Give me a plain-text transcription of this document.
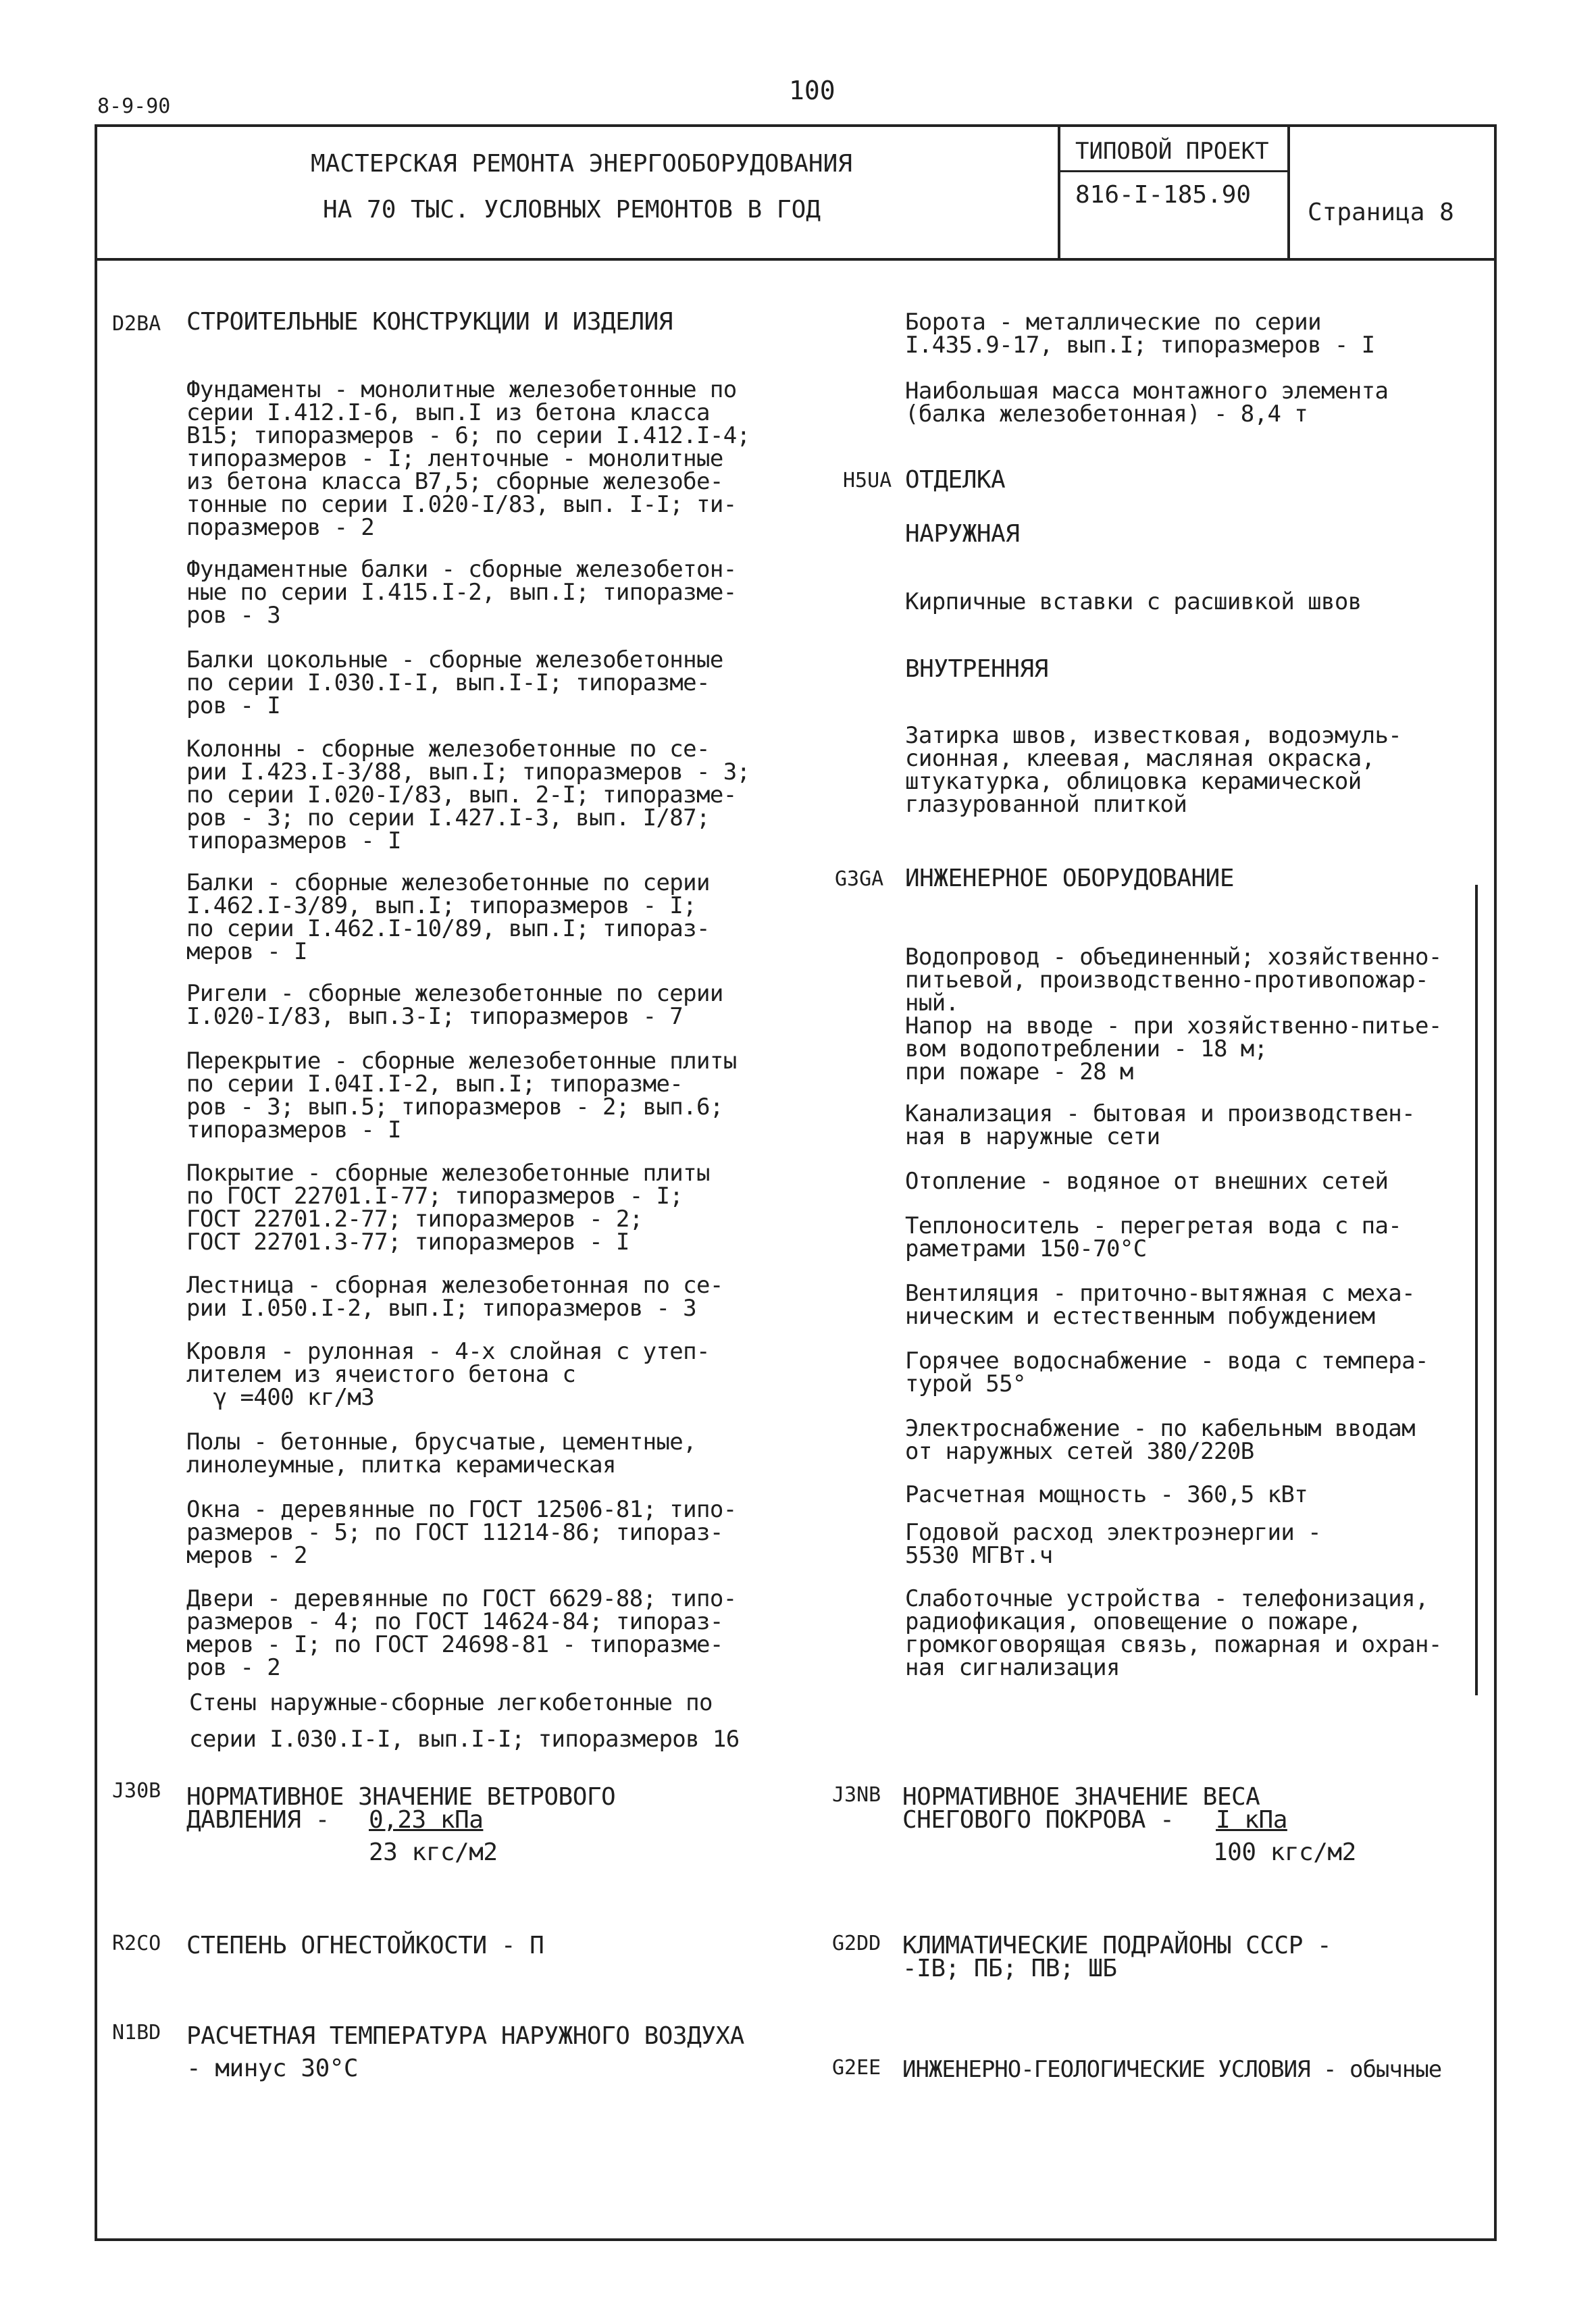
8-9-90
100
МАСТЕРСКАЯ РЕМОНТА ЭНЕРГООБОРУДОВАНИЯ
НА 70 ТЫС. УСЛОВНЫХ РЕМОНТОВ В ГОД
ТИПОВОЙ ПРОЕКТ
816-I-185.90
Страница 8
D2BA СТРОИТЕЛЬНЫЕ КОНСТРУКЦИИ И ИЗДЕЛИЯ
Фундаменты - монолитные железобетонные по
серии I.412.I-6, вып.I из бетона класса
В15; типоразмеров - 6; по серии I.412.I-4;
типоразмеров - I; ленточные - монолитные
из бетона класса В7,5; сборные железобе-
тонные по серии I.020-I/83, вып. I-I; ти-
поразмеров - 2
Фундаментные балки - сборные железобетон-
ные по серии I.415.I-2, вып.I; типоразме-
ров - 3
Балки цокольные - сборные железобетонные
по серии I.030.I-I, вып.I-I; типоразме-
ров - I
Колонны - сборные железобетонные по се-
рии I.423.I-3/88, вып.I; типоразмеров - 3;
по серии I.020-I/83, вып. 2-I; типоразме-
ров - 3; по серии I.427.I-3, вып. I/87;
типоразмеров - I
Балки - сборные железобетонные по серии
I.462.I-3/89, вып.I; типоразмеров - I;
по серии I.462.I-10/89, вып.I; типораз-
меров - I
Ригели - сборные железобетонные по серии
I.020-I/83, вып.3-I; типоразмеров - 7
Перекрытие - сборные железобетонные плиты
по серии I.04I.I-2, вып.I; типоразме-
ров - 3; вып.5; типоразмеров - 2; вып.6;
типоразмеров - I
Покрытие - сборные железобетонные плиты
по ГОСТ 22701.I-77; типоразмеров - I;
ГОСТ 22701.2-77; типоразмеров - 2;
ГОСТ 22701.3-77; типоразмеров - I
Лестница - сборная железобетонная по се-
рии I.050.I-2, вып.I; типоразмеров - 3
Кровля - рулонная - 4-х слойная с утеп-
лителем из ячеистого бетона с
γ =400 кг/м3
Полы - бетонные, брусчатые, цементные,
линолеумные, плитка керамическая
Окна - деревянные по ГОСТ 12506-81; типо-
размеров - 5; по ГОСТ 11214-86; типораз-
меров - 2
Двери - деревянные по ГОСТ 6629-88; типо-
размеров - 4; по ГОСТ 14624-84; типораз-
меров - I; по ГОСТ 24698-81 - типоразме-
ров - 2
Стены наружные-сборные легкобетонные по
серии I.030.I-I, вып.I-I; типоразмеров 16
J30B НОРМАТИВНОЕ ЗНАЧЕНИЕ ВЕТРОВОГО
ДАВЛЕНИЯ - 0,23 кПа
23 кгс/м2
R2CO СТЕПЕНЬ ОГНЕСТОЙКОСТИ - П
N1BD РАСЧЕТНАЯ ТЕМПЕРАТУРА НАРУЖНОГО ВОЗДУХА
- минус 30°С
Борота - металлические по серии
I.435.9-17, вып.I; типоразмеров - I
Наибольшая масса монтажного элемента
(балка железобетонная) - 8,4 т
H5UA ОТДЕЛКА
НАРУЖНАЯ
Кирпичные вставки с расшивкой швов
ВНУТРЕННЯЯ
Затирка швов, известковая, водоэмуль-
сионная, клеевая, масляная окраска,
штукатурка, облицовка керамической
глазурованной плиткой
G3GA ИНЖЕНЕРНОЕ ОБОРУДОВАНИЕ
Водопровод - объединенный; хозяйственно-
питьевой, производственно-противопожар-
ный.
Напор на вводе - при хозяйственно-питье-
вом водопотреблении - 18 м;
при пожаре - 28 м
Канализация - бытовая и производствен-
ная в наружные сети
Отопление - водяное от внешних сетей
Теплоноситель - перегретая вода с па-
раметрами 150-70°С
Вентиляция - приточно-вытяжная с меха-
ническим и естественным побуждением
Горячее водоснабжение - вода с темпера-
турой 55°
Электроснабжение - по кабельным вводам
от наружных сетей 380/220В
Расчетная мощность - 360,5 кВт
Годовой расход электроэнергии -
5530 МГВт.ч
Слаботочные устройства - телефонизация,
радиофикация, оповещение о пожаре,
громкоговорящая связь, пожарная и охран-
ная сигнализация
J3NB НОРМАТИВНОЕ ЗНАЧЕНИЕ ВЕСА
СНЕГОВОГО ПОКРОВА - I кПа
100 кгс/м2
G2DD КЛИМАТИЧЕСКИЕ ПОДРАЙОНЫ СССР -
-IB; ПБ; ПВ; ШБ
G2EE ИНЖЕНЕРНО-ГЕОЛОГИЧЕСКИЕ УСЛОВИЯ - обычные
